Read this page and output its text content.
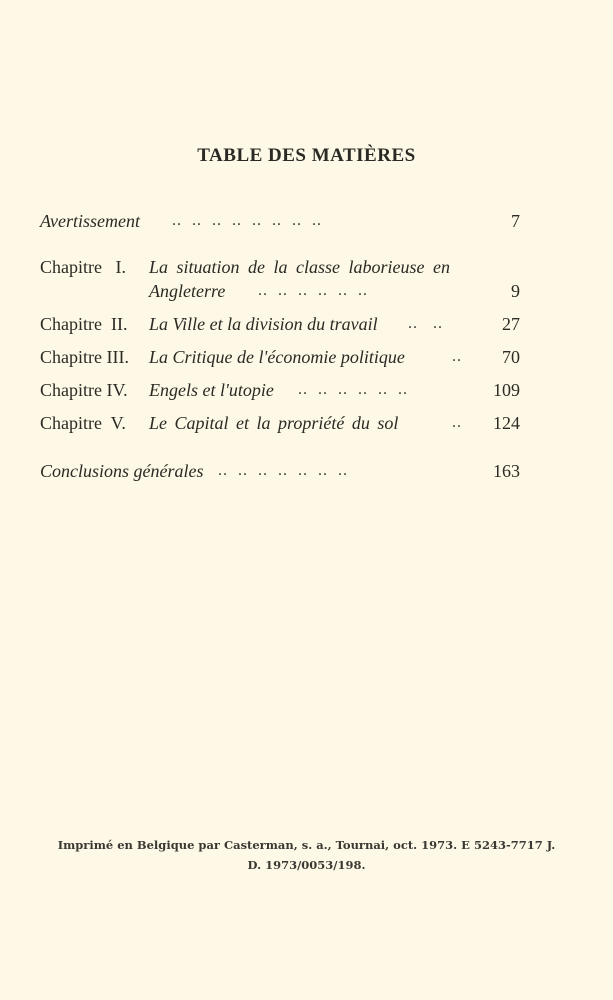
TABLE DES MATIÈRES
Avertissement ..  ..  ..  ..  ..  ..  ..  ..	7
Chapitre   I. La situation de la classe laborieuse en
Angleterre ..  ..  ..  ..  ..  ..	9
Chapitre  II. La Ville et la division du travail ..   ..	27
Chapitre III. La Critique de l'économie politique	.. 70
Chapitre IV. Engels et l'utopie ..  ..  ..  ..  ..  ..	109
Chapitre  V. Le Capital et la propriété du sol	.. 124
Conclusions générales ..  ..  ..  ..  ..  ..  ..	163
Imprimé en Belgique par Casterman, s. a., Tournai, oct. 1973. E 5243-7717 J.
D. 1973/0053/198.
